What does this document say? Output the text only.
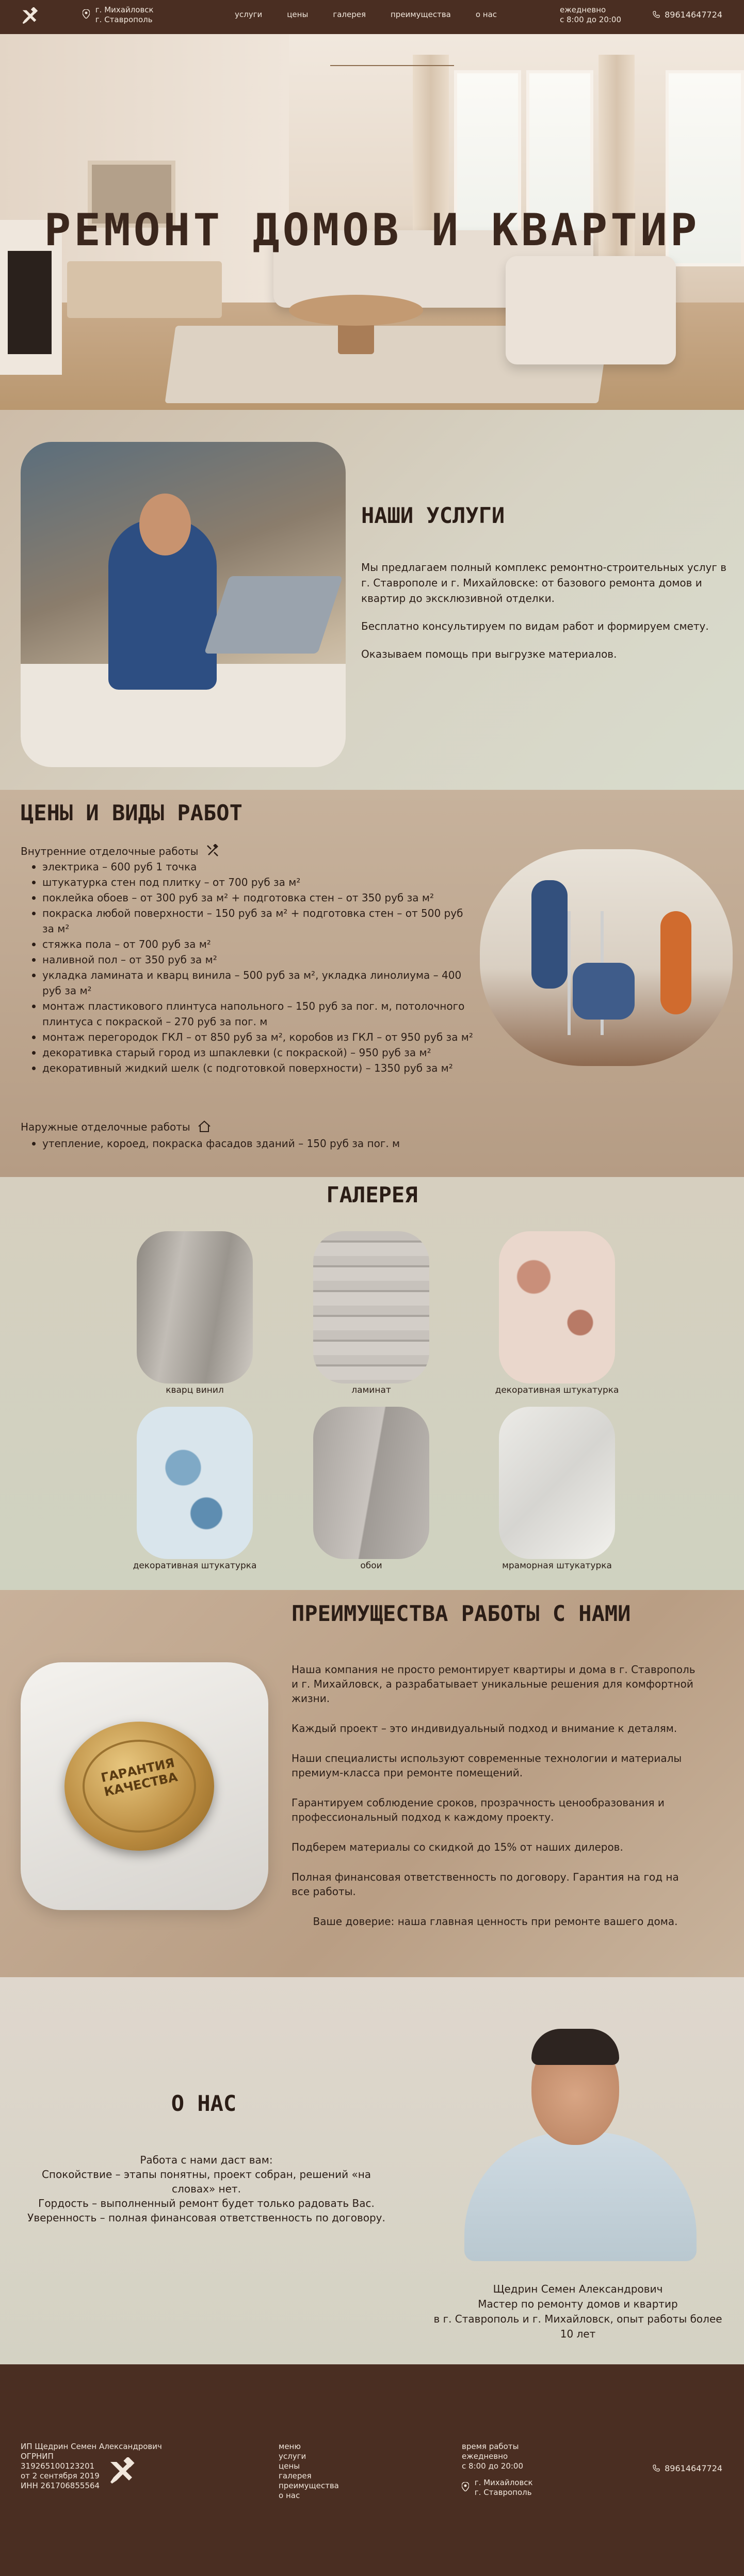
г. Михайловск
г. Ставрополь
услуги	цены	галерея	преимущества	о нас	ежедневно
с 8:00 до 20:00	89614647724
РЕМОНТ ДОМОВ И КВАРТИР
НАШИ УСЛУГИ

Мы предлагаем полный комплекс ремонтно-строительных услуг в г. Ставрополе и г. Михайловске: от базового ремонта домов и квартир до эксклюзивной отделки.

Бесплатно консультируем по видам работ и формируем смету.

Оказываем помощь при выгрузке материалов.

ЦЕНЫ И ВИДЫ РАБОТ
Внутренние отделочные работы
электрика – 600 руб 1 точка
штукатурка стен под плитку – от 700 руб за м²
поклейка обоев – от 300 руб за м² + подготовка стен – от 350 руб за м²
покраска любой поверхности – 150 руб за м² + подготовка стен – от 500 руб за м²
стяжка пола – от 700 руб за м²
наливной пол – от 350 руб за м²
укладка ламината и кварц винила – 500 руб за м², укладка линолиума – 400 руб за м²
монтаж пластикового плинтуса напольного – 150 руб за пог. м, потолочного плинтуса с покраской – 270 руб за пог. м
монтаж перегородок ГКЛ – от 850 руб за м², коробов из ГКЛ – от 950 руб за м²
декоративка старый город из шпаклевки (с покраской) – 950 руб за м²
декоративный жидкий шелк (с подготовкой поверхности) – 1350 руб за м²
Наружные отделочные работы
утепление, корoед, покраска фасадов зданий – 150 руб за пог. м
ГАЛЕРЕЯ
кварц винил	ламинат	декоративная штукатурка
декоративная штукатурка	обои	мраморная штукатурка
ГАРАНТИЯ КАЧЕСТВА
ПРЕИМУЩЕСТВА РАБОТЫ С НАМИ

Наша компания не просто ремонтирует квартиры и дома в г. Ставрополь и г. Михайловск, а разрабатывает уникальные решения для комфортной жизни.

Каждый проект – это индивидуальный подход и внимание к деталям.

Наши специалисты используют современные технологии и материалы премиум-класса при ремонте помещений.

Гарантируем соблюдение сроков, прозрачность ценообразования и профессиональный подход к каждому проекту.

Подберем материалы со скидкой до 15% от наших дилеров.

Полная финансовая ответственность по договору. Гарантия на год на все работы.

Ваше доверие: наша главная ценность при ремонте вашего дома.

О НАС
Работа с нами даст вам:
Спокойствие – этапы понятны, проект собран, решений «на словах» нет.
Гордость – выполненный ремонт будет только радовать Вас.
Уверенность – полная финансовая ответственность по договору.
Щедрин Семен Александрович
Мастер по ремонту домов и квартир
в г. Ставрополь и г. Михайловск, опыт работы более 10 лет
ИП Щедрин Семен Александрович
ОГРНИП
319265100123201
от 2 сентября 2019
ИНН 261706855564
меню
услуги
цены
галерея
преимущества
о нас
время работы
ежедневно
с 8:00 до 20:00

г. Михайловск
г. Ставрополь
89614647724
